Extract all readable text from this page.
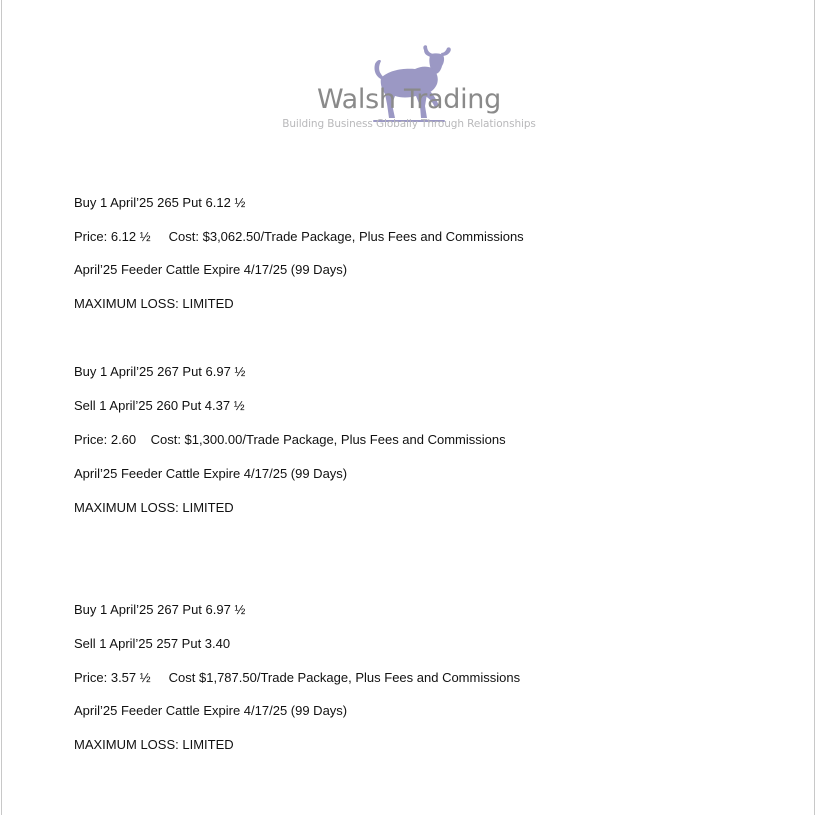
Walsh Trading
Building Business Globally Through Relationships
Buy 1 April’25 265 Put 6.12 ½
Price: 6.12 ½     Cost: $3,062.50/Trade Package, Plus Fees and Commissions
April’25 Feeder Cattle Expire 4/17/25 (99 Days)
MAXIMUM LOSS: LIMITED
Buy 1 April’25 267 Put 6.97 ½
Sell 1 April’25 260 Put 4.37 ½
Price: 2.60    Cost: $1,300.00/Trade Package, Plus Fees and Commissions
April’25 Feeder Cattle Expire 4/17/25 (99 Days)
MAXIMUM LOSS: LIMITED
Buy 1 April’25 267 Put 6.97 ½
Sell 1 April’25 257 Put 3.40
Price: 3.57 ½     Cost $1,787.50/Trade Package, Plus Fees and Commissions
April’25 Feeder Cattle Expire 4/17/25 (99 Days)
MAXIMUM LOSS: LIMITED
